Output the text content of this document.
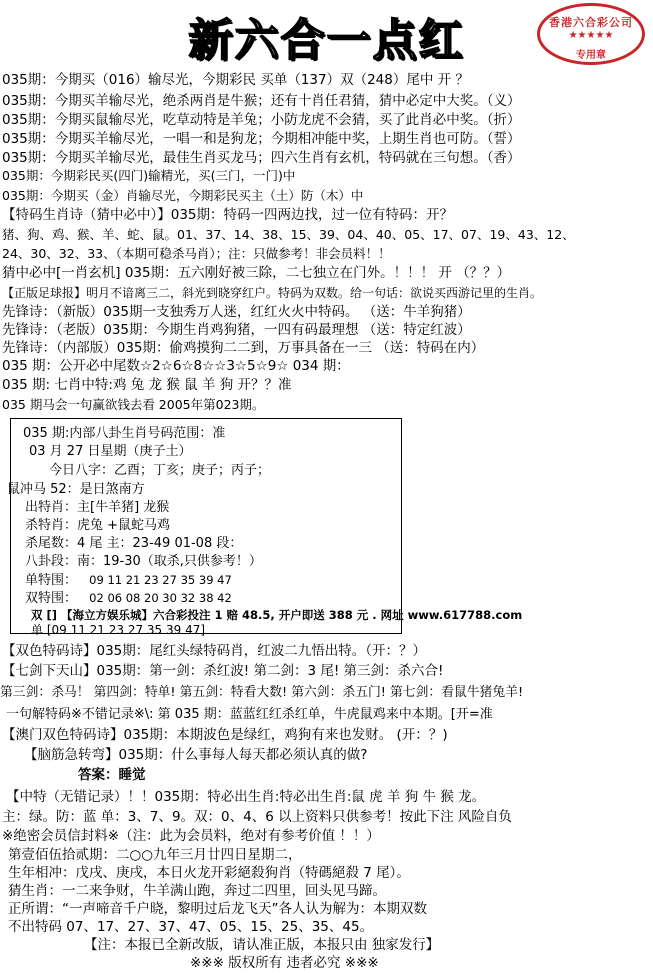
新六合一点红	香港六合彩公司
★★★★★
专用章
035期：今期买（016）输尽光，今期彩民 买单（137）双（248）尾中 开 ？
035期：今期买羊输尽光，绝杀两肖是牛猴；还有十肖任君猜，猜中必定中大奖。（义）
035期：今期买鼠输尽光，吃草动特是羊兔；小防龙虎不会猜，买了此肖必中奖。（折）
035期：今期买羊输尽光，一唱一和是狗龙；今期相冲能中奖，上期生肖也可防。（誓）
035期：今期买羊输尽光，最佳生肖买龙马；四六生肖有玄机，特码就在三句想。（香）
035期：今期彩民买(四门)输精光，买(三门，一门)中
035期：今期买（金）肖输尽光，今期彩民买主（土）防（木）中
【特码生肖诗（猜中必中）】035期：特码一四两边找，过一位有特码：开？
猪、狗、鸡、猴、羊、蛇、鼠。01、37、14、38、15、39、04、40、05、17、07、19、43、12、
24、30、32、33、（本期可稳杀马肖）；注：只做参考！非会员料！！
猜中必中[一肖玄机] 035期：五六刚好被三除，二七独立在门外。！！！ 开 （？？）
【正版足球报】明月不谙离三二，斜光到晓穿红户。特码为双数。给一句话：欲说买西游记里的生肖。
先锋诗：（新版）035期一支独秀万人迷，红红火火中特码。 （送：牛羊狗猪）
先锋诗：（老版）035期：今期生肖鸡狗猪，一四有码最理想 （送：特定红波）
先锋诗：（内部版）035期：偷鸡摸狗二二到，万事具备在一三 （送：特码在内）
035 期：公开必中尾数☆2☆6☆8☆☆3☆5☆9☆ 034 期：
035 期: 七肖中特:鸡 兔 龙 猴 鼠 羊 狗 开？？准
035 期马会一句赢欲钱去看 2005年第023期。
035 期:内部八卦生肖号码范围：准
03 月 27 日星期（庚子土）
今日八字：乙酉；丁亥；庚子；丙子；
鼠冲马 52：是日煞南方
出特肖：主[牛羊猪] 龙猴
杀特肖：虎兔 +鼠蛇马鸡
杀尾数：4 尾 主：23-49 01-08 段：
八卦段：南：19-30（取杀,只供参考！）
单特围： 09 11 21 23 27 35 39 47
双特围： 02 06 08 20 30 32 38 42
双 [] 【海立方娱乐城】六合彩投注 1 赔 48.5, 开户即送 388 元 . 网址 www.617788.com
单 [09 11 21 23 27 35 39 47]
【双色特码诗】035期：尾红头绿特码肖，红波二九悟出特。（开：？）
【七剑下天山】035期：第一剑：杀红波! 第二剑：3 尾! 第三剑：杀六合!
第三剑：杀马！ 第四剑：特单! 第五剑：特看大数! 第六剑：杀五门! 第七剑：看鼠牛猪兔羊!
一句解特码※不错记录※\: 第 035 期：蓝蓝红红杀红单，牛虎鼠鸡来中本期。[开=准
【澳门双色特码诗】035期：本期波色是绿红，鸡狗有来也发财。 (开：？)
【脑筋急转弯】035期：什么事每人每天都必须认真的做?
答案：睡觉
【中特（无错记录）！！035期：特必出生肖:特必出生肖:鼠 虎 羊 狗 牛 猴 龙。
主：绿。防：蓝 单：3、7、9。双：0、4、6 以上资料只供参考！按此下注 风险自负
※绝密会员信封料※（注：此为会员料，绝对有参考价值 ！！）
第壹佰伍拾贰期：二○○九年三月廿四日星期二，
生年相冲：戊戌、庚戌，本日火龙开彩絕殺狗肖（特碼絕殺 7 尾）。
猜生肖：一二来争财，牛羊满山跑，奔过二四里，回头见马蹄。
正所谓：“一声啼音千户晓，黎明过后龙飞天”各人认为解为：本期双数
不出特码 07、17、27、37、47、05、15、25、35、45。
【注：本报已全新改版，请认准正版，本报只由 独家发行】
※※※ 版权所有 违者必究 ※※※
